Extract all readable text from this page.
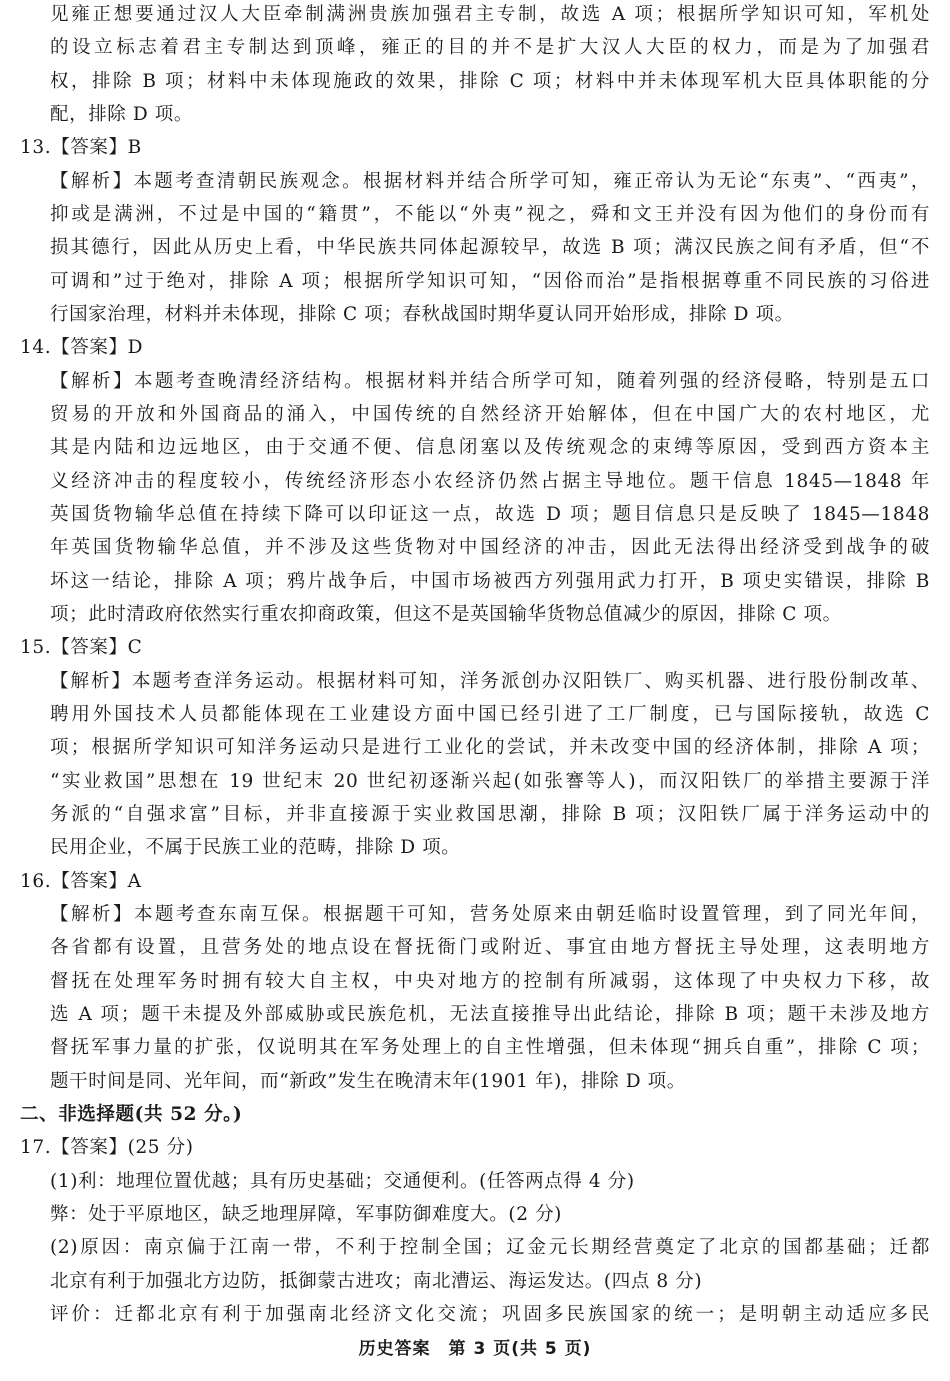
见雍正想要通过汉人大臣牵制满洲贵族加强君主专制，故选 A 项；根据所学知识可知，军机处
的设立标志着君主专制达到顶峰，雍正的目的并不是扩大汉人大臣的权力，而是为了加强君
权，排除 B 项；材料中未体现施政的效果，排除 C 项；材料中并未体现军机大臣具体职能的分
配，排除 D 项。
13.【答案】B
【解析】本题考查清朝民族观念。根据材料并结合所学可知，雍正帝认为无论“东夷”、“西夷”，
抑或是满洲，不过是中国的“籍贯”，不能以“外夷”视之，舜和文王并没有因为他们的身份而有
损其德行，因此从历史上看，中华民族共同体起源较早，故选 B 项；满汉民族之间有矛盾，但“不
可调和”过于绝对，排除 A 项；根据所学知识可知，“因俗而治”是指根据尊重不同民族的习俗进
行国家治理，材料并未体现，排除 C 项；春秋战国时期华夏认同开始形成，排除 D 项。
14.【答案】D
【解析】本题考查晚清经济结构。根据材料并结合所学可知，随着列强的经济侵略，特别是五口
贸易的开放和外国商品的涌入，中国传统的自然经济开始解体，但在中国广大的农村地区，尤
其是内陆和边远地区，由于交通不便、信息闭塞以及传统观念的束缚等原因，受到西方资本主
义经济冲击的程度较小，传统经济形态小农经济仍然占据主导地位。题干信息 1845—1848 年
英国货物输华总值在持续下降可以印证这一点，故选 D 项；题目信息只是反映了 1845—1848
年英国货物输华总值，并不涉及这些货物对中国经济的冲击，因此无法得出经济受到战争的破
坏这一结论，排除 A 项；鸦片战争后，中国市场被西方列强用武力打开，B 项史实错误，排除 B
项；此时清政府依然实行重农抑商政策，但这不是英国输华货物总值减少的原因，排除 C 项。
15.【答案】C
【解析】本题考查洋务运动。根据材料可知，洋务派创办汉阳铁厂、购买机器、进行股份制改革、
聘用外国技术人员都能体现在工业建设方面中国已经引进了工厂制度，已与国际接轨，故选 C
项；根据所学知识可知洋务运动只是进行工业化的尝试，并未改变中国的经济体制，排除 A 项；
“实业救国”思想在 19 世纪末 20 世纪初逐渐兴起(如张謇等人)，而汉阳铁厂的举措主要源于洋
务派的“自强求富”目标，并非直接源于实业救国思潮，排除 B 项；汉阳铁厂属于洋务运动中的
民用企业，不属于民族工业的范畴，排除 D 项。
16.【答案】A
【解析】本题考查东南互保。根据题干可知，营务处原来由朝廷临时设置管理，到了同光年间，
各省都有设置，且营务处的地点设在督抚衙门或附近、事宜由地方督抚主导处理，这表明地方
督抚在处理军务时拥有较大自主权，中央对地方的控制有所减弱，这体现了中央权力下移，故
选 A 项；题干未提及外部威胁或民族危机，无法直接推导出此结论，排除 B 项；题干未涉及地方
督抚军事力量的扩张，仅说明其在军务处理上的自主性增强，但未体现“拥兵自重”，排除 C 项；
题干时间是同、光年间，而“新政”发生在晚清末年(1901 年)，排除 D 项。
二、非选择题(共 52 分。)
17.【答案】(25 分)
(1)利：地理位置优越；具有历史基础；交通便利。(任答两点得 4 分)
弊：处于平原地区，缺乏地理屏障，军事防御难度大。(2 分)
(2)原因：南京偏于江南一带，不利于控制全国；辽金元长期经营奠定了北京的国都基础；迁都
北京有利于加强北方边防，抵御蒙古进攻；南北漕运、海运发达。(四点 8 分)
历史答案　第 3 页(共 5 页)
评价：迁都北京有利于加强南北经济文化交流；巩固多民族国家的统一；是明朝主动适应多民
